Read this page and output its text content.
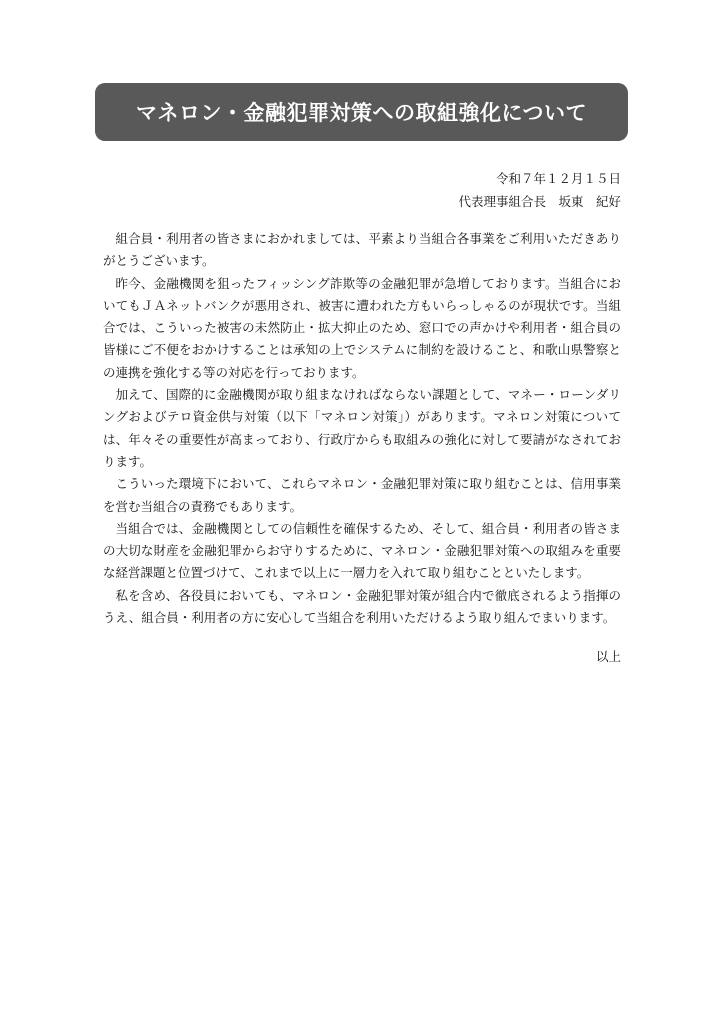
マネロン・金融犯罪対策への取組強化について
令和７年１２月１５日
代表理事組合長　坂東　紀好

組合員・利用者の皆さまにおかれましては、平素より当組合各事業をご利用いただきありがとうございます。

昨今、金融機関を狙ったフィッシング詐欺等の金融犯罪が急増しております。当組合においてもＪＡネットバンクが悪用され、被害に遭われた方もいらっしゃるのが現状です。当組合では、こういった被害の未然防止・拡大抑止のため、窓口での声かけや利用者・組合員の皆様にご不便をおかけすることは承知の上でシステムに制約を設けること、和歌山県警察との連携を強化する等の対応を行っております。

加えて、国際的に金融機関が取り組まなければならない課題として、マネー・ローンダリングおよびテロ資金供与対策（以下「マネロン対策」）があります。マネロン対策については、年々その重要性が高まっており、行政庁からも取組みの強化に対して要請がなされております。

こういった環境下において、これらマネロン・金融犯罪対策に取り組むことは、信用事業を営む当組合の責務でもあります。

当組合では、金融機関としての信頼性を確保するため、そして、組合員・利用者の皆さまの大切な財産を金融犯罪からお守りするために、マネロン・金融犯罪対策への取組みを重要な経営課題と位置づけて、これまで以上に一層力を入れて取り組むことといたします。

私を含め、各役員においても、マネロン・金融犯罪対策が組合内で徹底されるよう指揮のうえ、組合員・利用者の方に安心して当組合を利用いただけるよう取り組んでまいります。

以上
